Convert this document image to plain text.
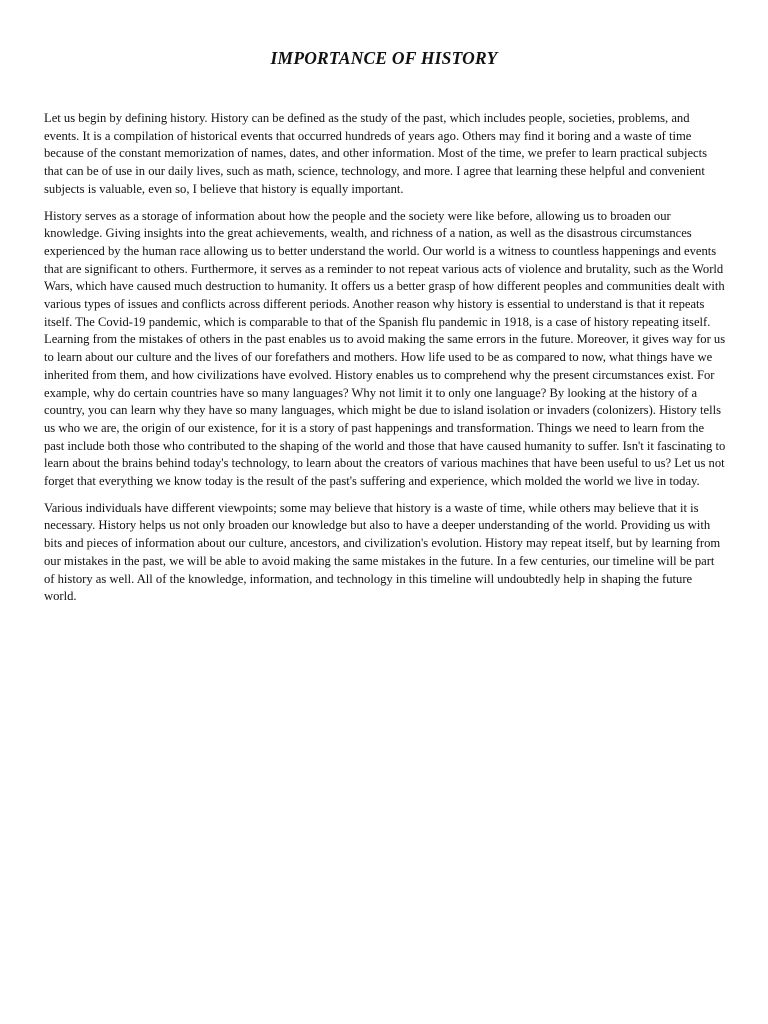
IMPORTANCE OF HISTORY

Let us begin by defining history. History can be defined as the study of the past, which includes people, societies, problems, and events. It is a compilation of historical events that occurred hundreds of years ago. Others may find it boring and a waste of time because of the constant memorization of names, dates, and other information. Most of the time, we prefer to learn practical subjects that can be of use in our daily lives, such as math, science, technology, and more. I agree that learning these helpful and convenient subjects is valuable, even so, I believe that history is equally important.

History serves as a storage of information about how the people and the society were like before, allowing us to broaden our knowledge. Giving insights into the great achievements, wealth, and richness of a nation, as well as the disastrous circumstances experienced by the human race allowing us to better understand the world. Our world is a witness to countless happenings and events that are significant to others. Furthermore, it serves as a reminder to not repeat various acts of violence and brutality, such as the World Wars, which have caused much destruction to humanity. It offers us a better grasp of how different peoples and communities dealt with various types of issues and conflicts across different periods. Another reason why history is essential to understand is that it repeats itself. The Covid-19 pandemic, which is comparable to that of the Spanish flu pandemic in 1918, is a case of history repeating itself. Learning from the mistakes of others in the past enables us to avoid making the same errors in the future. Moreover, it gives way for us to learn about our culture and the lives of our forefathers and mothers. How life used to be as compared to now, what things have we inherited from them, and how civilizations have evolved. History enables us to comprehend why the present circumstances exist. For example, why do certain countries have so many languages? Why not limit it to only one language? By looking at the history of a country, you can learn why they have so many languages, which might be due to island isolation or invaders (colonizers). History tells us who we are, the origin of our existence, for it is a story of past happenings and transformation. Things we need to learn from the past include both those who contributed to the shaping of the world and those that have caused humanity to suffer. Isn't it fascinating to learn about the brains behind today's technology, to learn about the creators of various machines that have been useful to us? Let us not forget that everything we know today is the result of the past's suffering and experience, which molded the world we live in today.

Various individuals have different viewpoints; some may believe that history is a waste of time, while others may believe that it is necessary. History helps us not only broaden our knowledge but also to have a deeper understanding of the world. Providing us with bits and pieces of information about our culture, ancestors, and civilization's evolution. History may repeat itself, but by learning from our mistakes in the past, we will be able to avoid making the same mistakes in the future. In a few centuries, our timeline will be part of history as well. All of the knowledge, information, and technology in this timeline will undoubtedly help in shaping the future world.
